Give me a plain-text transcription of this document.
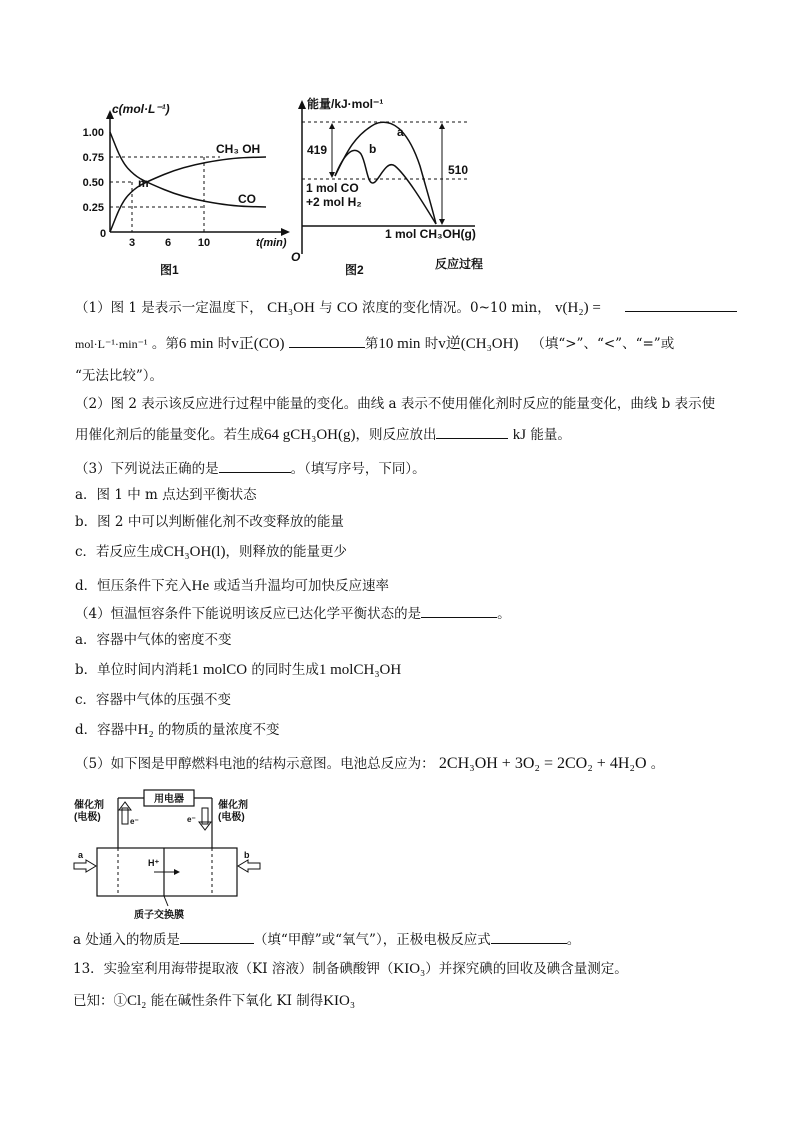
c(mol·L⁻¹)
1.00
0.75
0.50
0.25
0
3	6 10	t(min)
m
CH₃ OH
CO
图1
能量/kJ·mol⁻¹
a
b
419
510
1 mol CO
+2 mol H₂
1 mol CH₃OH(g)
O
图2	反应过程
（1）图 1 是表示一定温度下， CH₃OH 与 CO 浓度的变化情况。0~10 min， v(H₂) =
mol·L⁻¹·min⁻¹ 。第6 min 时v正(CO)	第10 min 时v逆(CH₃OH) （填“>”、“<”、“=”或
“无法比较”）。
（2）图 2 表示该反应进行过程中能量的变化。曲线 a 表示不使用催化剂时反应的能量变化，曲线 b 表示使
用催化剂后的能量变化。若生成64 gCH₃OH(g)，则反应放出	kJ 能量。
（3）下列说法正确的是	。（填写序号，下同）。
a．图 1 中 m 点达到平衡状态
b．图 2 中可以判断催化剂不改变释放的能量
c．若反应生成CH₃OH(l)，则释放的能量更少
d．恒压条件下充入He 或适当升温均可加快反应速率
（4）恒温恒容条件下能说明该反应已达化学平衡状态的是	。
a．容器中气体的密度不变
b．单位时间内消耗1 molCO 的同时生成1 molCH₃OH
c．容器中气体的压强不变
d．容器中H₂ 的物质的量浓度不变
（5）如下图是甲醇燃料电池的结构示意图。电池总反应为： 2CH₃OH + 3O₂ = 2CO₂ + 4H₂O 。
用电器
e⁻	e⁻
H⁺
a	b
催化剂
(电极)
催化剂
(电极)
质子交换膜
a 处通入的物质是	（填“甲醇”或“氧气”），正极电极反应式	。
13．实验室利用海带提取液（KI 溶液）制备碘酸钾（KIO₃）并探究碘的回收及碘含量测定。
已知：①Cl₂ 能在碱性条件下氧化 KI 制得KIO₃
